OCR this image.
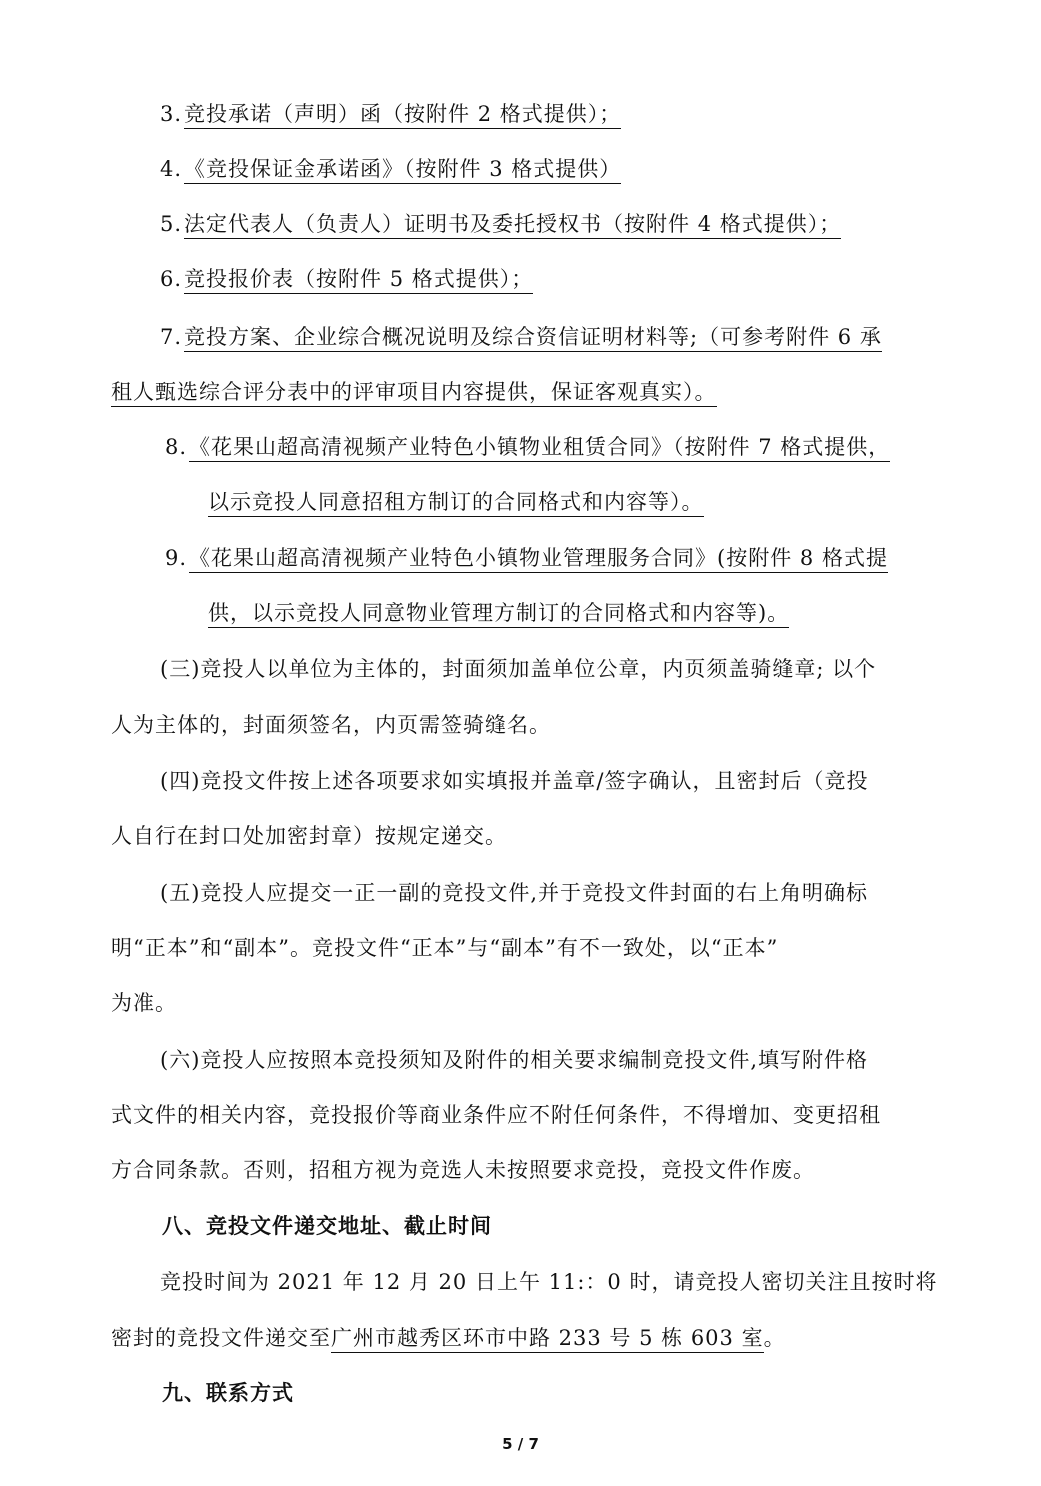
3.竞投承诺（声明）函（按附件 2 格式提供）；
4.《竞投保证金承诺函》（按附件 3 格式提供）
5.法定代表人（负责人）证明书及委托授权书（按附件 4 格式提供）；
6.竞投报价表（按附件 5 格式提供）；
7.竞投方案、企业综合概况说明及综合资信证明材料等;（可参考附件 6 承
租人甄选综合评分表中的评审项目内容提供，保证客观真实）。
8.《花果山超高清视频产业特色小镇物业租赁合同》（按附件 7 格式提供，
以示竞投人同意招租方制订的合同格式和内容等）。
9.《花果山超高清视频产业特色小镇物业管理服务合同》(按附件 8 格式提
供，以示竞投人同意物业管理方制订的合同格式和内容等)。
(三)竞投人以单位为主体的，封面须加盖单位公章，内页须盖骑缝章; 以个
人为主体的，封面须签名，内页需签骑缝名。
(四)竞投文件按上述各项要求如实填报并盖章/签字确认，且密封后（竞投
人自行在封口处加密封章）按规定递交。
(五)竞投人应提交一正一副的竞投文件,并于竞投文件封面的右上角明确标
明“正本”和“副本”。竞投文件“正本”与“副本”有不一致处，以“正本”
为准。
(六)竞投人应按照本竞投须知及附件的相关要求编制竞投文件,填写附件格
式文件的相关内容，竞投报价等商业条件应不附任何条件，不得增加、变更招租
方合同条款。否则，招租方视为竞选人未按照要求竞投，竞投文件作废。
八、竞投文件递交地址、截止时间
竞投时间为 2021 年 12 月 20 日上午 11:：0 时，请竞投人密切关注且按时将
密封的竞投文件递交至广州市越秀区环市中路 233 号 5 栋 603 室。
九、联系方式
5 / 7
